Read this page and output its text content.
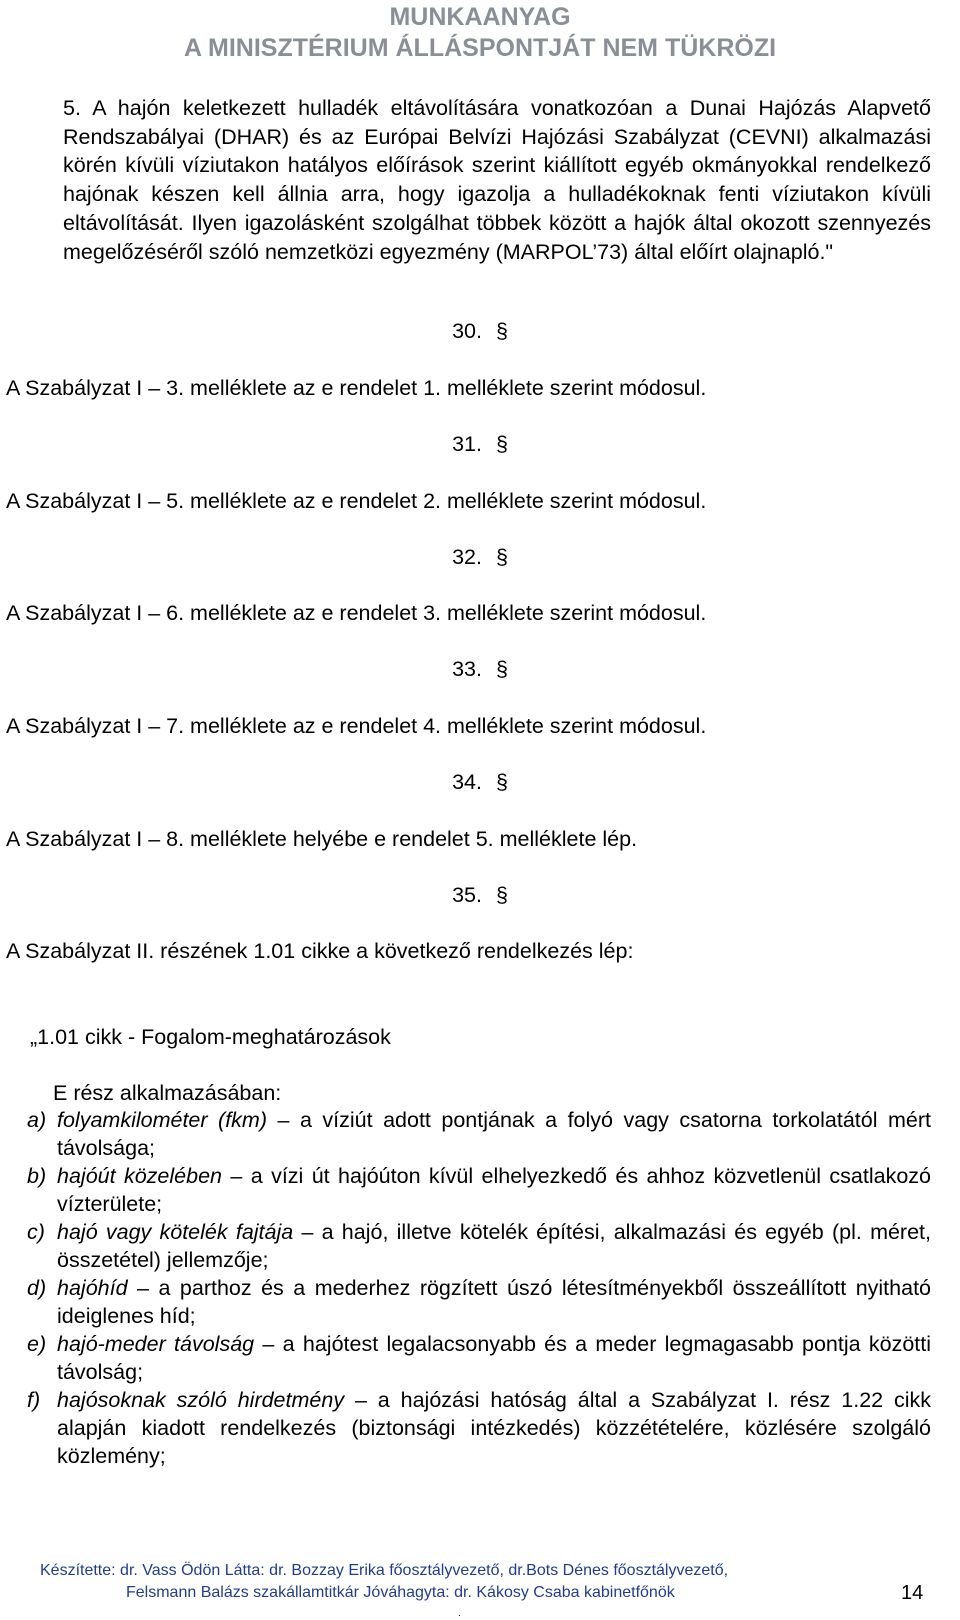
MUNKAANYAG
A MINISZTÉRIUM ÁLLÁSPONTJÁT NEM TÜKRÖZI
5. A hajón keletkezett hulladék eltávolítására vonatkozóan a Dunai Hajózás Alapvető Rendszabályai (DHAR) és az Európai Belvízi Hajózási Szabályzat (CEVNI) alkalmazási körén kívüli víziutakon hatályos előírások szerint kiállított egyéb okmányokkal rendelkező hajónak készen kell állnia arra, hogy igazolja a hulladékoknak fenti víziutakon kívüli eltávolítását. Ilyen igazolásként szolgálhat többek között a hajók által okozott szennyezés megelőzéséről szóló nemzetközi egyezmény (MARPOL’73) által előírt olajnapló."
30. §
A Szabályzat I – 3. melléklete az e rendelet 1. melléklete szerint módosul.
31. §
A Szabályzat I – 5. melléklete az e rendelet 2. melléklete szerint módosul.
32. §
A Szabályzat I – 6. melléklete az e rendelet 3. melléklete szerint módosul.
33. §
A Szabályzat I – 7. melléklete az e rendelet 4. melléklete szerint módosul.
34. §
A Szabályzat I – 8. melléklete helyébe e rendelet 5. melléklete lép.
35. §
A Szabályzat II. részének 1.01 cikke a következő rendelkezés lép:
„1.01 cikk - Fogalom-meghatározások
E rész alkalmazásában:
a) folyamkilométer (fkm) – a víziút adott pontjának a folyó vagy csatorna torkolatától mért távolsága;
b) hajóút közelében – a vízi út hajóúton kívül elhelyezkedő és ahhoz közvetlenül csatlakozó vízterülete;
c) hajó vagy kötelék fajtája – a hajó, illetve kötelék építési, alkalmazási és egyéb (pl. méret, összetétel) jellemzője;
d) hajóhíd – a parthoz és a mederhez rögzített úszó létesítményekből összeállított nyitható ideiglenes híd;
e) hajó-meder távolság – a hajótest legalacsonyabb és a meder legmagasabb pontja közötti távolság;
f) hajósoknak szóló hirdetmény – a hajózási hatóság által a Szabályzat I. rész 1.22 cikk alapján kiadott rendelkezés (biztonsági intézkedés) közzétételére, közlésére szolgáló közlemény;
Készítette: dr. Vass Ödön Látta: dr. Bozzay Erika főosztályvezető, dr.Bots Dénes főosztályvezető,
Felsmann Balázs szakállamtitkár Jóváhagyta: dr. Kákosy Csaba kabinetfőnök	14
.
